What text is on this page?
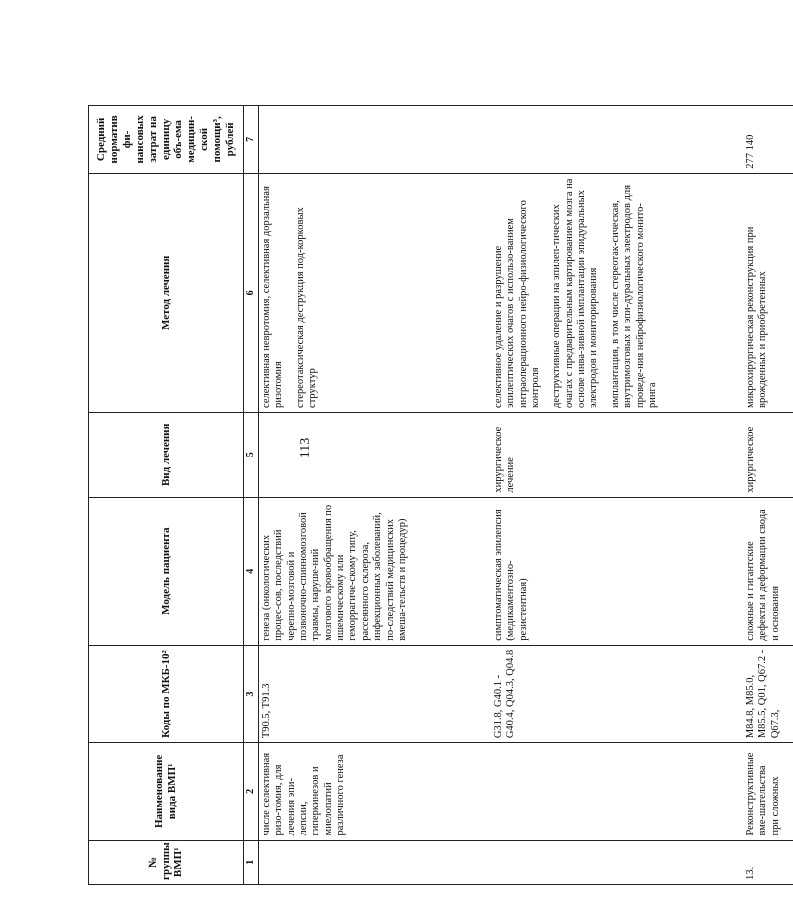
113
№ группы ВМП¹	Наименование вида ВМП¹	Коды по МКБ-10²	Модель пациента	Вид лечения	Метод лечения	Средний норматив фи-нансовых затрат на единицу объ-ема медицин-ской помощи³, рублей
1	2	3	4	5	6	7
	числе селективная ризо-томия, для лечения эпи-лепсии, гиперкинезов и миелопатий различного генеза	T90.5, T91.3	генеза (онкологических процес-сов, последствий черепно-мозговой и позвоночно-спинномозговой травмы, наруше-ний мозгового кровообращения по ишемическому или геморрагиче-скому типу, рассеянного склероза, инфекционных заболеваний, по-следствий медицинских вмеша-тельств и процедур)		селективная невротомия, селективная дорзальная ризотомия стереотаксическая деструкция под-корковых структур	

		G31.8, G40.1 - G40.4, Q04.3, Q04.8	симптоматическая эпилепсия (медикаментозно-резистентная)	хирургическое лечение	селективное удаление и разрушение эпилептических очагов с использо-ванием интраоперационного нейро-физиологического контроля деструктивные операции на эпилеп-тических очагах с предварительным картированием мозга на основе инва-зивной имплантации эпидуральных электродов и мониторирования имплантация, в том числе стереотак-сическая, внутримозговых и эпи-дуральных электродов для проведе-ния нейрофизиологического монито-ринга	

13.	Реконструктивные вме-шательства при сложных	M84.8, M85.0, M85.5, Q01, Q67.2 - Q67.3,	сложные и гигантские дефекты и деформации свода и основания	хирургическое	микрохирургическая реконструкция при врожденных и приобретенных	277 140
